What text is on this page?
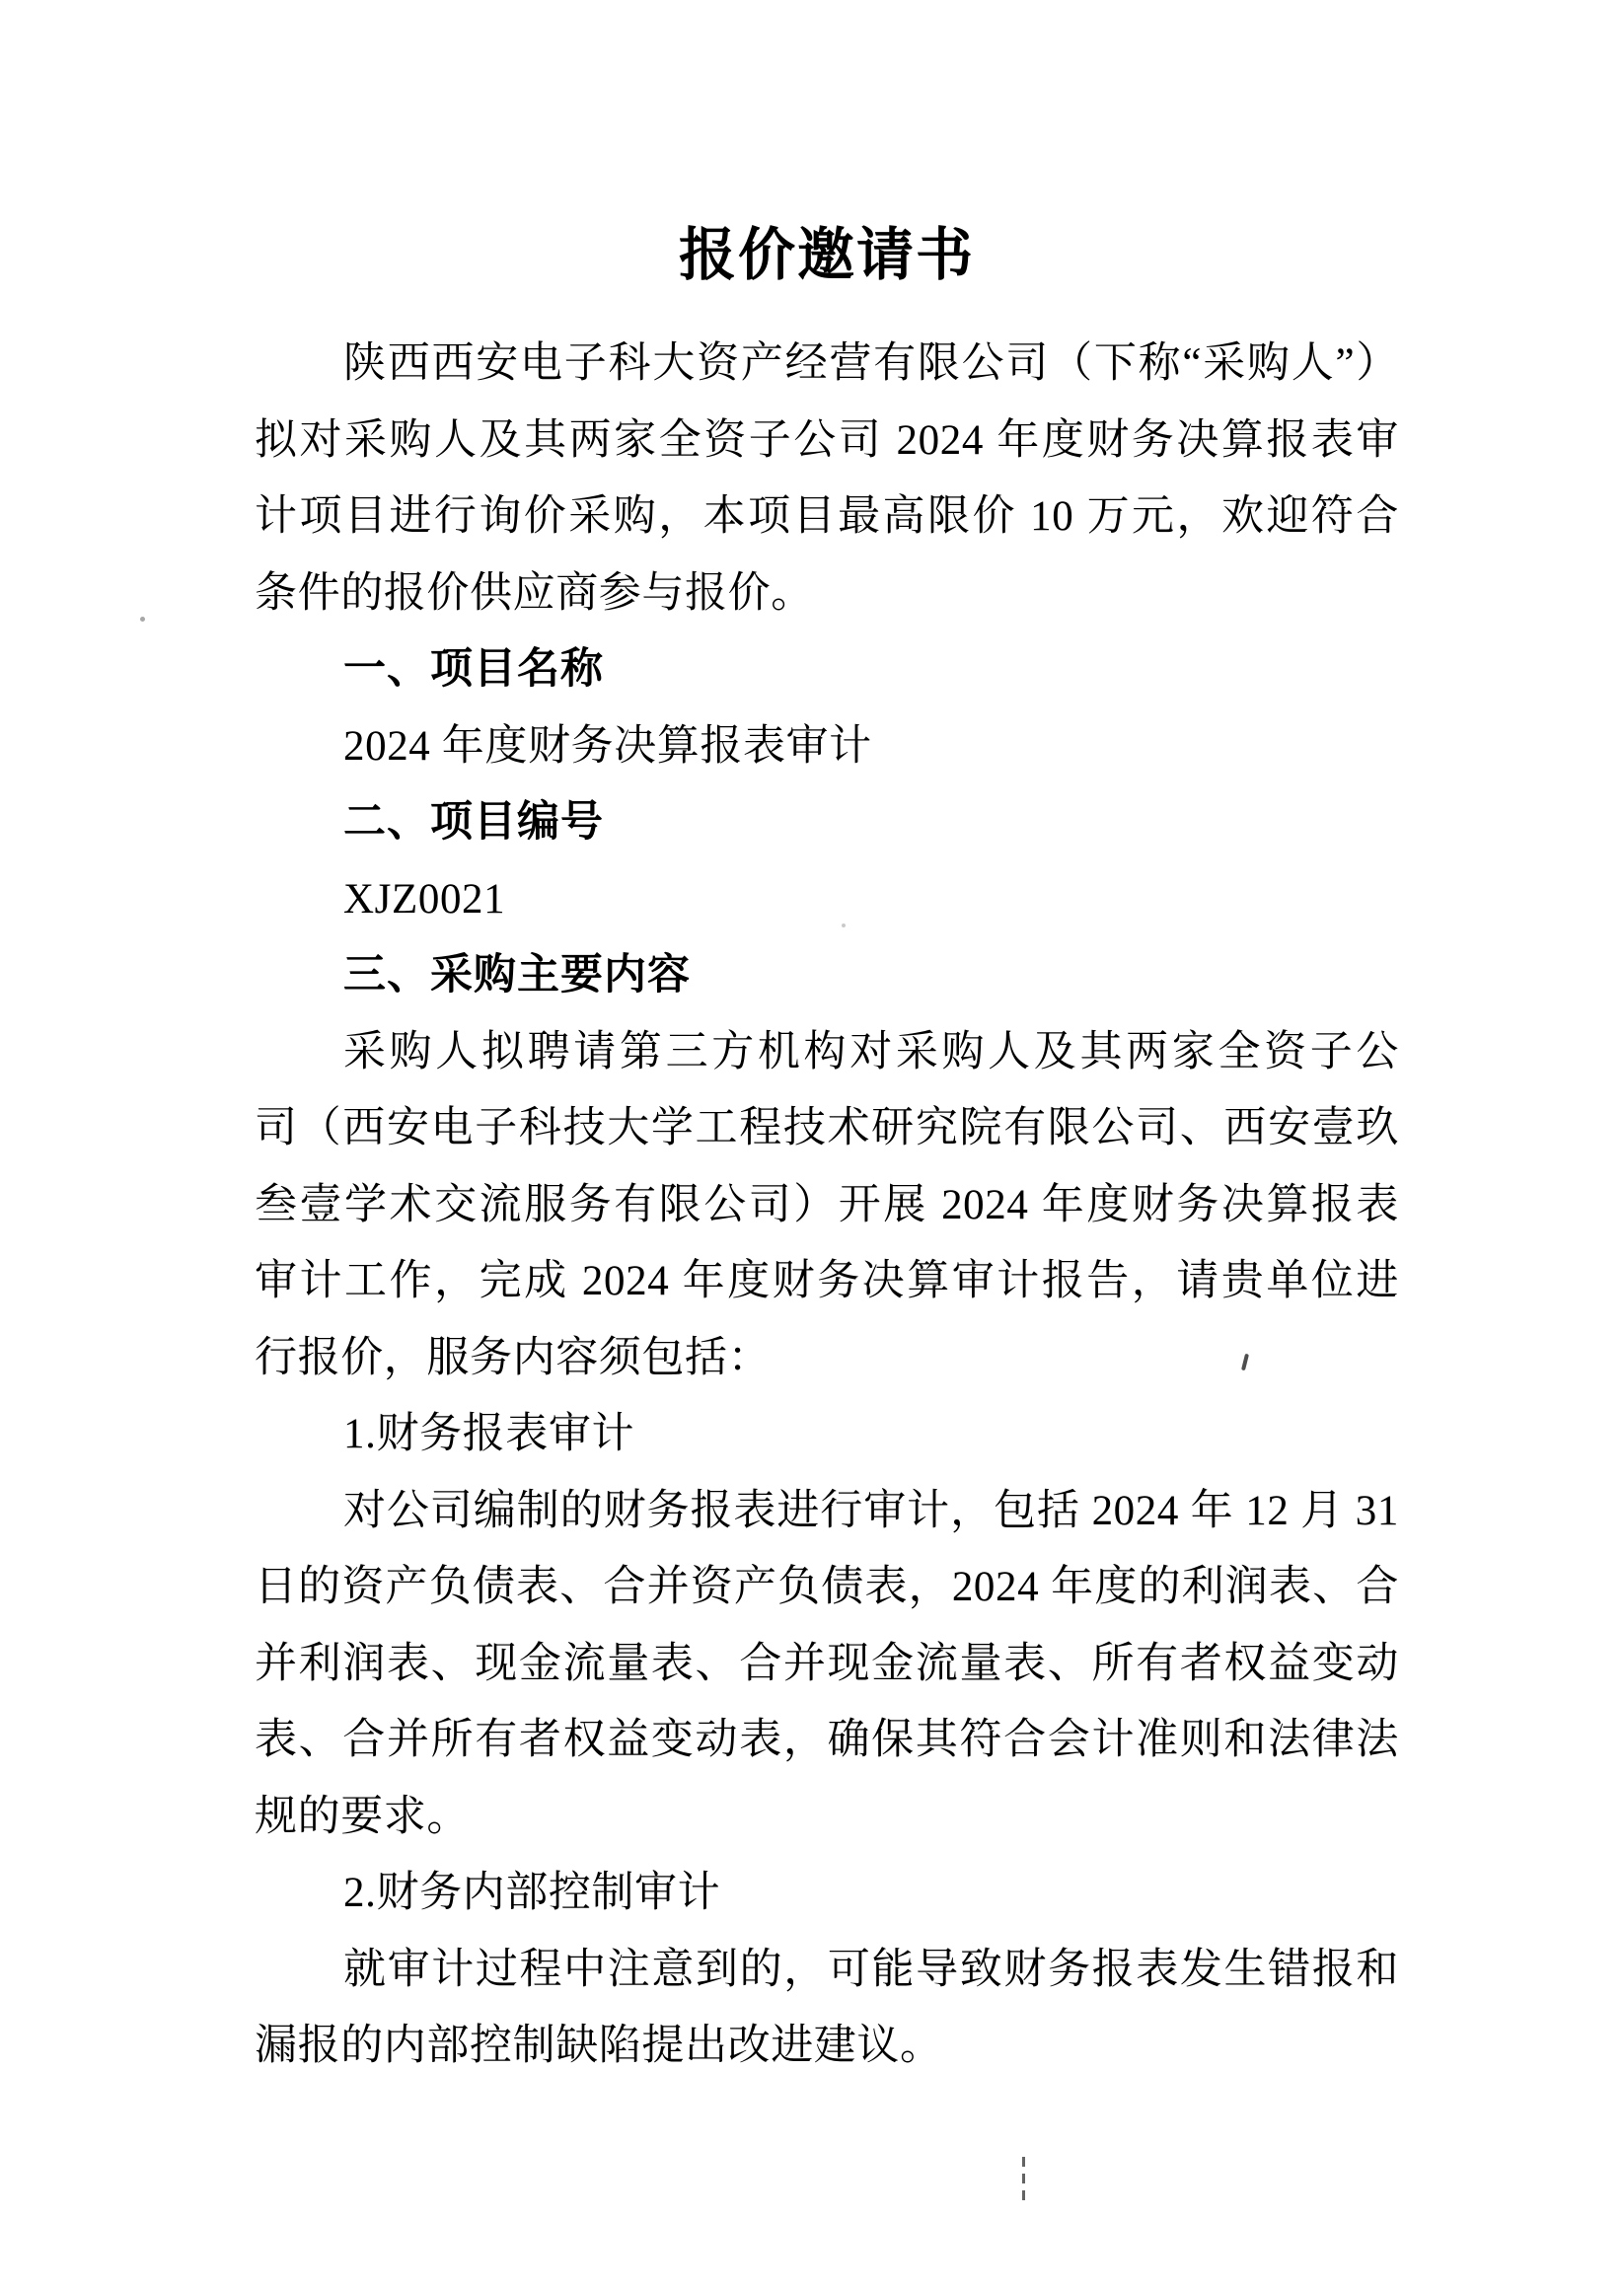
报价邀请书
陕西西安电子科大资产经营有限公司（下称“采购人”）
拟对采购人及其两家全资子公司 2024 年度财务决算报表审
计项目进行询价采购，本项目最高限价 10 万元，欢迎符合
条件的报价供应商参与报价。
一、项目名称
2024 年度财务决算报表审计
二、项目编号
XJZ0021
三、采购主要内容
采购人拟聘请第三方机构对采购人及其两家全资子公
司（西安电子科技大学工程技术研究院有限公司、西安壹玖
叁壹学术交流服务有限公司）开展 2024 年度财务决算报表
审计工作，完成 2024 年度财务决算审计报告，请贵单位进
行报价，服务内容须包括：
1.财务报表审计
对公司编制的财务报表进行审计，包括 2024 年 12 月 31
日的资产负债表、合并资产负债表，2024 年度的利润表、合
并利润表、现金流量表、合并现金流量表、所有者权益变动
表、合并所有者权益变动表，确保其符合会计准则和法律法
规的要求。
2.财务内部控制审计
就审计过程中注意到的，可能导致财务报表发生错报和
漏报的内部控制缺陷提出改进建议。
